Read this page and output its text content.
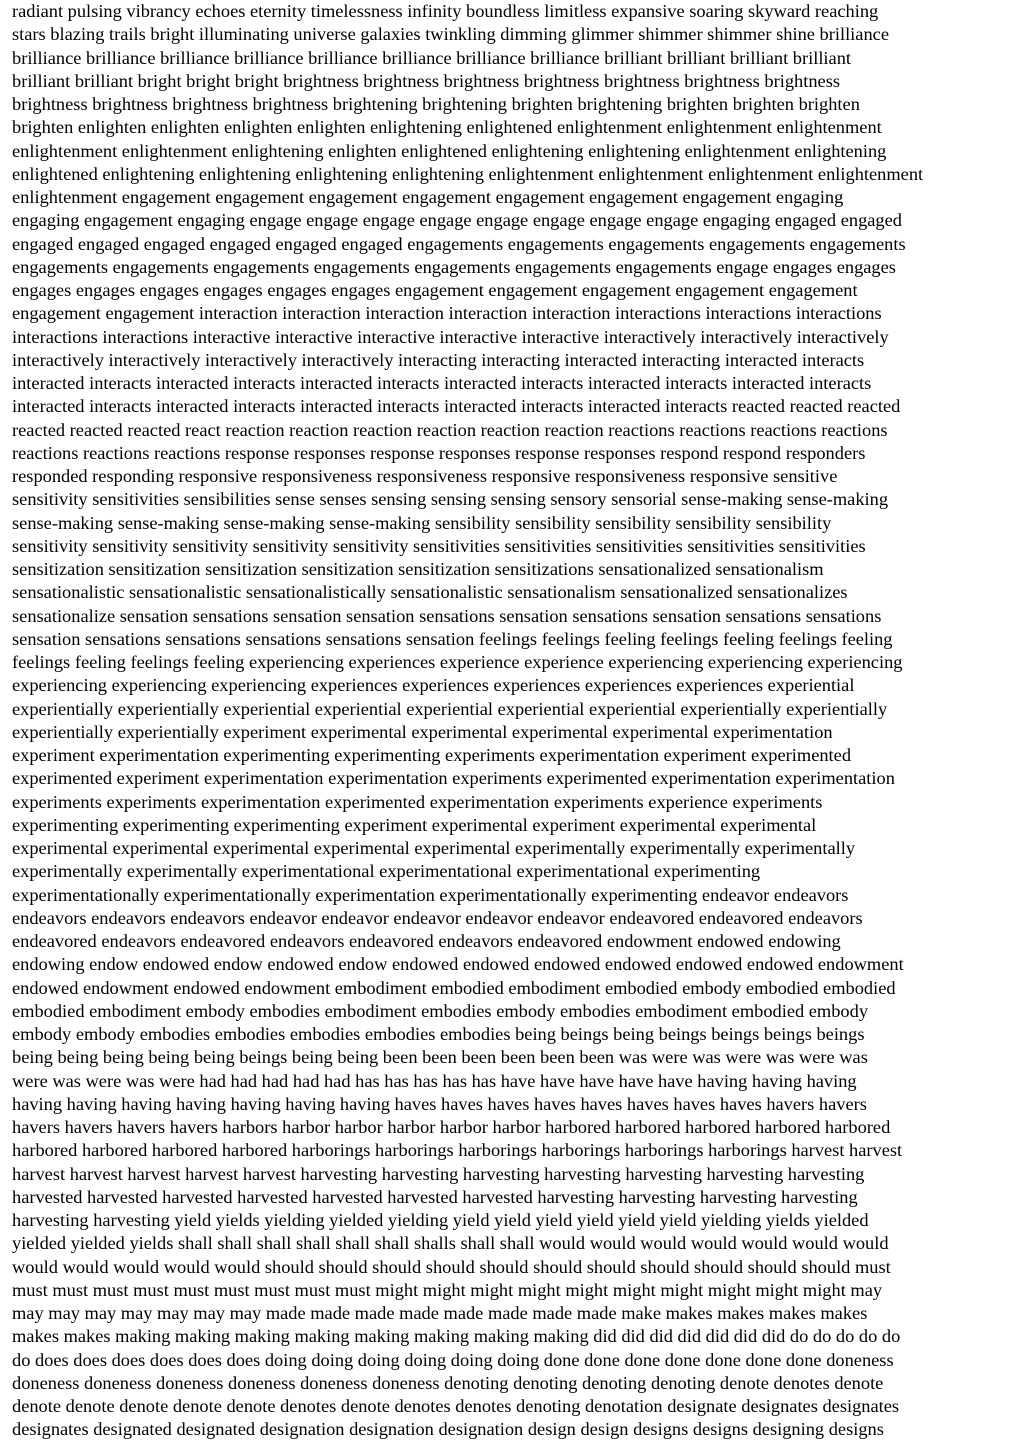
radiant pulsing vibrancy echoes eternity timelessness infinity boundless limitless expansive soaring skyward reaching
stars blazing trails bright illuminating universe galaxies twinkling dimming glimmer shimmer shimmer shine brilliance
brilliance brilliance brilliance brilliance brilliance brilliance brilliance brilliance brilliant brilliant brilliant brilliant
brilliant brilliant bright bright bright brightness brightness brightness brightness brightness brightness brightness
brightness brightness brightness brightness brightening brightening brighten brightening brighten brighten brighten
brighten enlighten enlighten enlighten enlighten enlightening enlightened enlightenment enlightenment enlightenment
enlightenment enlightenment enlightening enlighten enlightened enlightening enlightening enlightenment enlightening
enlightened enlightening enlightening enlightening enlightening enlightenment enlightenment enlightenment enlightenment
enlightenment engagement engagement engagement engagement engagement engagement engagement engaging
engaging engagement engaging engage engage engage engage engage engage engage engage engaging engaged engaged
engaged engaged engaged engaged engaged engaged engagements engagements engagements engagements engagements
engagements engagements engagements engagements engagements engagements engagements engage engages engages
engages engages engages engages engages engages engagement engagement engagement engagement engagement
engagement engagement interaction interaction interaction interaction interaction interactions interactions interactions
interactions interactions interactive interactive interactive interactive interactive interactively interactively interactively
interactively interactively interactively interactively interacting interacting interacted interacting interacted interacts
interacted interacts interacted interacts interacted interacts interacted interacts interacted interacts interacted interacts
interacted interacts interacted interacts interacted interacts interacted interacts interacted interacts reacted reacted reacted
reacted reacted reacted react reaction reaction reaction reaction reaction reaction reactions reactions reactions reactions
reactions reactions reactions response responses response responses response responses respond respond responders
responded responding responsive responsiveness responsiveness responsive responsiveness responsive sensitive
sensitivity sensitivities sensibilities sense senses sensing sensing sensing sensory sensorial sense-making sense-making
sense-making sense-making sense-making sense-making sensibility sensibility sensibility sensibility sensibility
sensitivity sensitivity sensitivity sensitivity sensitivity sensitivities sensitivities sensitivities sensitivities sensitivities
sensitization sensitization sensitization sensitization sensitization sensitizations sensationalized sensationalism
sensationalistic sensationalistic sensationalistically sensationalistic sensationalism sensationalized sensationalizes
sensationalize sensation sensations sensation sensation sensations sensation sensations sensation sensations sensations
sensation sensations sensations sensations sensations sensation feelings feelings feeling feelings feeling feelings feeling
feelings feeling feelings feeling experiencing experiences experience experience experiencing experiencing experiencing
experiencing experiencing experiencing experiences experiences experiences experiences experiences experiential
experientially experientially experiential experiential experiential experiential experiential experientially experientially
experientially experientially experiment experimental experimental experimental experimental experimentation
experiment experimentation experimenting experimenting experiments experimentation experiment experimented
experimented experiment experimentation experimentation experiments experimented experimentation experimentation
experiments experiments experimentation experimented experimentation experiments experience experiments
experimenting experimenting experimenting experiment experimental experiment experimental experimental
experimental experimental experimental experimental experimental experimentally experimentally experimentally
experimentally experimentally experimentational experimentational experimentational experimenting
experimentationally experimentationally experimentation experimentationally experimenting endeavor endeavors
endeavors endeavors endeavors endeavor endeavor endeavor endeavor endeavor endeavored endeavored endeavors
endeavored endeavors endeavored endeavors endeavored endeavors endeavored endowment endowed endowing
endowing endow endowed endow endowed endow endowed endowed endowed endowed endowed endowed endowment
endowed endowment endowed endowment embodiment embodied embodiment embodied embody embodied embodied
embodied embodiment embody embodies embodiment embodies embody embodies embodiment embodied embody
embody embody embodies embodies embodies embodies embodies being beings being beings beings beings beings
being being being being being beings being being been been been been been been was were was were was were was
were was were was were had had had had had has has has has has have have have have have having having having
having having having having having having having haves haves haves haves haves haves haves haves havers havers
havers havers havers havers harbors harbor harbor harbor harbor harbor harbored harbored harbored harbored harbored
harbored harbored harbored harbored harborings harborings harborings harborings harborings harborings harvest harvest
harvest harvest harvest harvest harvest harvesting harvesting harvesting harvesting harvesting harvesting harvesting
harvested harvested harvested harvested harvested harvested harvested harvesting harvesting harvesting harvesting
harvesting harvesting yield yields yielding yielded yielding yield yield yield yield yield yield yielding yields yielded
yielded yielded yields shall shall shall shall shall shall shalls shall shall would would would would would would would
would would would would would should should should should should should should should should should should must
must must must must must must must must must might might might might might might might might might might may
may may may may may may may made made made made made made made made make makes makes makes makes
makes makes making making making making making making making making did did did did did did did do do do do do
do does does does does does does doing doing doing doing doing doing done done done done done done done doneness
doneness doneness doneness doneness doneness doneness denoting denoting denoting denoting denote denotes denote
denote denote denote denote denote denotes denote denotes denotes denoting denotation designate designates designates
designates designated designated designation designation designation design design designs designs designing designs
